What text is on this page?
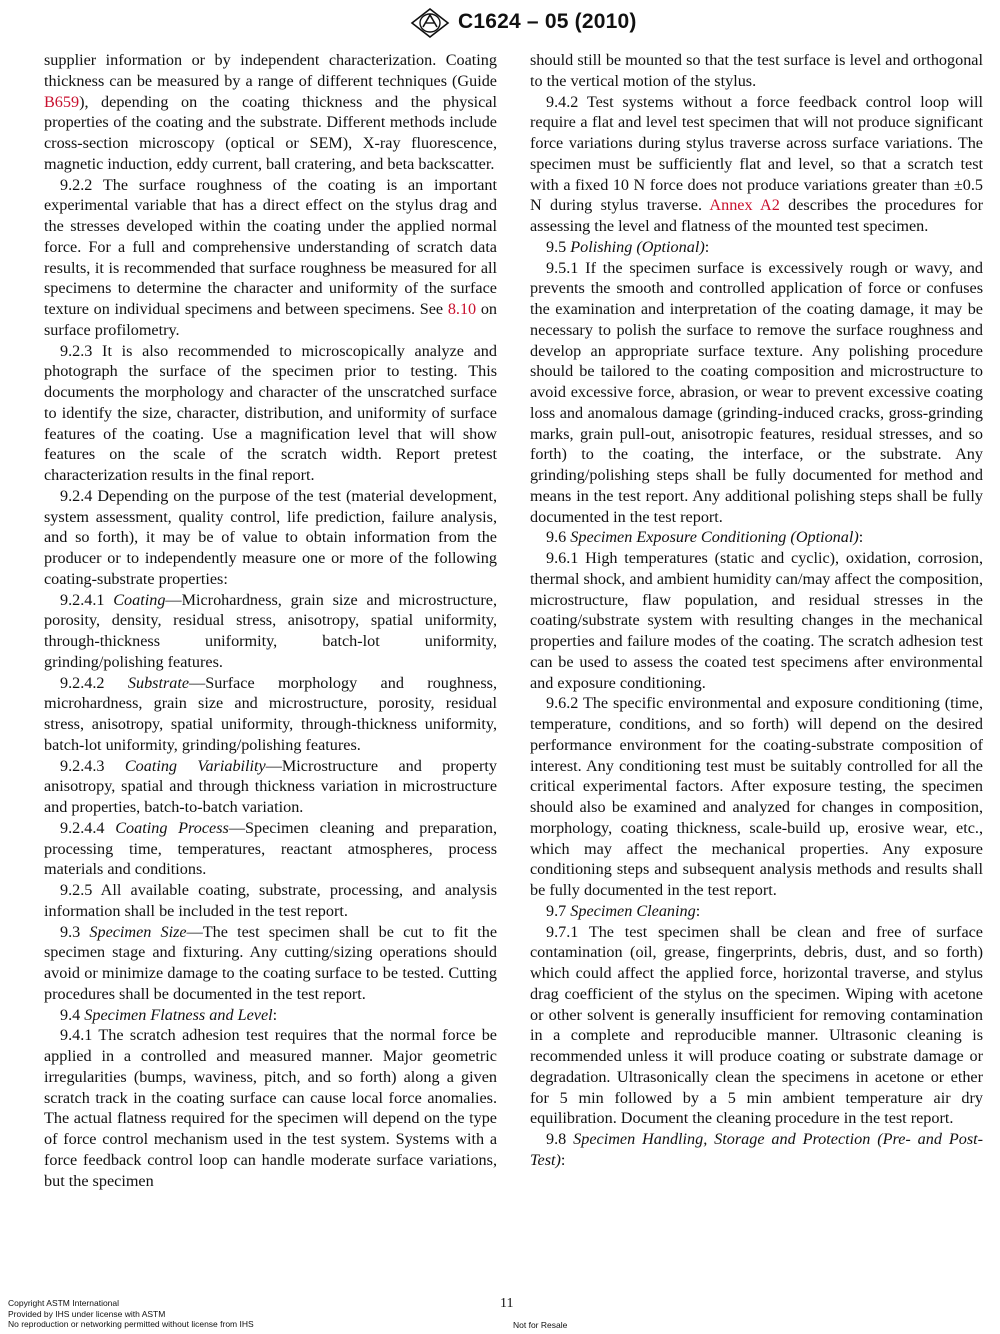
C1624 – 05 (2010)

supplier information or by independent characterization. Coating thickness can be measured by a range of different techniques (Guide B659), depending on the coating thickness and the physical properties of the coating and the substrate. Different methods include cross-section microscopy (optical or SEM), X-ray fluorescence, magnetic induction, eddy current, ball cratering, and beta backscatter.

9.2.2 The surface roughness of the coating is an important experimental variable that has a direct effect on the stylus drag and the stresses developed within the coating under the applied normal force. For a full and comprehensive understanding of scratch data results, it is recommended that surface roughness be measured for all specimens to determine the character and uniformity of the surface texture on individual specimens and between specimens. See 8.10 on surface profilometry.

9.2.3 It is also recommended to microscopically analyze and photograph the surface of the specimen prior to testing. This documents the morphology and character of the unscratched surface to identify the size, character, distribution, and uniformity of surface features of the coating. Use a magnification level that will show features on the scale of the scratch width. Report pretest characterization results in the final report.

9.2.4 Depending on the purpose of the test (material development, system assessment, quality control, life prediction, failure analysis, and so forth), it may be of value to obtain information from the producer or to independently measure one or more of the following coating-substrate properties:

9.2.4.1 Coating—Microhardness, grain size and microstructure, porosity, density, residual stress, anisotropy, spatial uniformity, through-thickness uniformity, batch-lot uniformity, grinding/polishing features.

9.2.4.2 Substrate—Surface morphology and roughness, microhardness, grain size and microstructure, porosity, residual stress, anisotropy, spatial uniformity, through-thickness uniformity, batch-lot uniformity, grinding/polishing features.

9.2.4.3 Coating Variability—Microstructure and property anisotropy, spatial and through thickness variation in microstructure and properties, batch-to-batch variation.

9.2.4.4 Coating Process—Specimen cleaning and preparation, processing time, temperatures, reactant atmospheres, process materials and conditions.

9.2.5 All available coating, substrate, processing, and analysis information shall be included in the test report.

9.3 Specimen Size—The test specimen shall be cut to fit the specimen stage and fixturing. Any cutting/sizing operations should avoid or minimize damage to the coating surface to be tested. Cutting procedures shall be documented in the test report.

9.4 Specimen Flatness and Level:

9.4.1 The scratch adhesion test requires that the normal force be applied in a controlled and measured manner. Major geometric irregularities (bumps, waviness, pitch, and so forth) along a given scratch track in the coating surface can cause local force anomalies. The actual flatness required for the specimen will depend on the type of force control mechanism used in the test system. Systems with a force feedback control loop can handle moderate surface variations, but the specimen

should still be mounted so that the test surface is level and orthogonal to the vertical motion of the stylus.

9.4.2 Test systems without a force feedback control loop will require a flat and level test specimen that will not produce significant force variations during stylus traverse across surface variations. The specimen must be sufficiently flat and level, so that a scratch test with a fixed 10 N force does not produce variations greater than ±0.5 N during stylus traverse. Annex A2 describes the procedures for assessing the level and flatness of the mounted test specimen.

9.5 Polishing (Optional):

9.5.1 If the specimen surface is excessively rough or wavy, and prevents the smooth and controlled application of force or confuses the examination and interpretation of the coating damage, it may be necessary to polish the surface to remove the surface roughness and develop an appropriate surface texture. Any polishing procedure should be tailored to the coating composition and microstructure to avoid excessive force, abrasion, or wear to prevent excessive coating loss and anomalous damage (grinding-induced cracks, gross-grinding marks, grain pull-out, anisotropic features, residual stresses, and so forth) to the coating, the interface, or the substrate. Any grinding/polishing steps shall be fully documented for method and means in the test report. Any additional polishing steps shall be fully documented in the test report.

9.6 Specimen Exposure Conditioning (Optional):

9.6.1 High temperatures (static and cyclic), oxidation, corrosion, thermal shock, and ambient humidity can/may affect the composition, microstructure, flaw population, and residual stresses in the coating/substrate system with resulting changes in the mechanical properties and failure modes of the coating. The scratch adhesion test can be used to assess the coated test specimens after environmental and exposure conditioning.

9.6.2 The specific environmental and exposure conditioning (time, temperature, conditions, and so forth) will depend on the desired performance environment for the coating-substrate composition of interest. Any conditioning test must be suitably controlled for all the critical experimental factors. After exposure testing, the specimen should also be examined and analyzed for changes in composition, morphology, coating thickness, scale-build up, erosive wear, etc., which may affect the mechanical properties. Any exposure conditioning steps and subsequent analysis methods and results shall be fully documented in the test report.

9.7 Specimen Cleaning:

9.7.1 The test specimen shall be clean and free of surface contamination (oil, grease, fingerprints, debris, dust, and so forth) which could affect the applied force, horizontal traverse, and stylus drag coefficient of the stylus on the specimen. Wiping with acetone or other solvent is generally insufficient for removing contamination in a complete and reproducible manner. Ultrasonic cleaning is recommended unless it will produce coating or substrate damage or degradation. Ultrasonically clean the specimens in acetone or ether for 5 min followed by a 5 min ambient temperature air dry equilibration. Document the cleaning procedure in the test report.

9.8 Specimen Handling, Storage and Protection (Pre- and Post-Test):

Copyright ASTM International
Provided by IHS under license with ASTM
No reproduction or networking permitted without license from IHS
11
Not for Resale
